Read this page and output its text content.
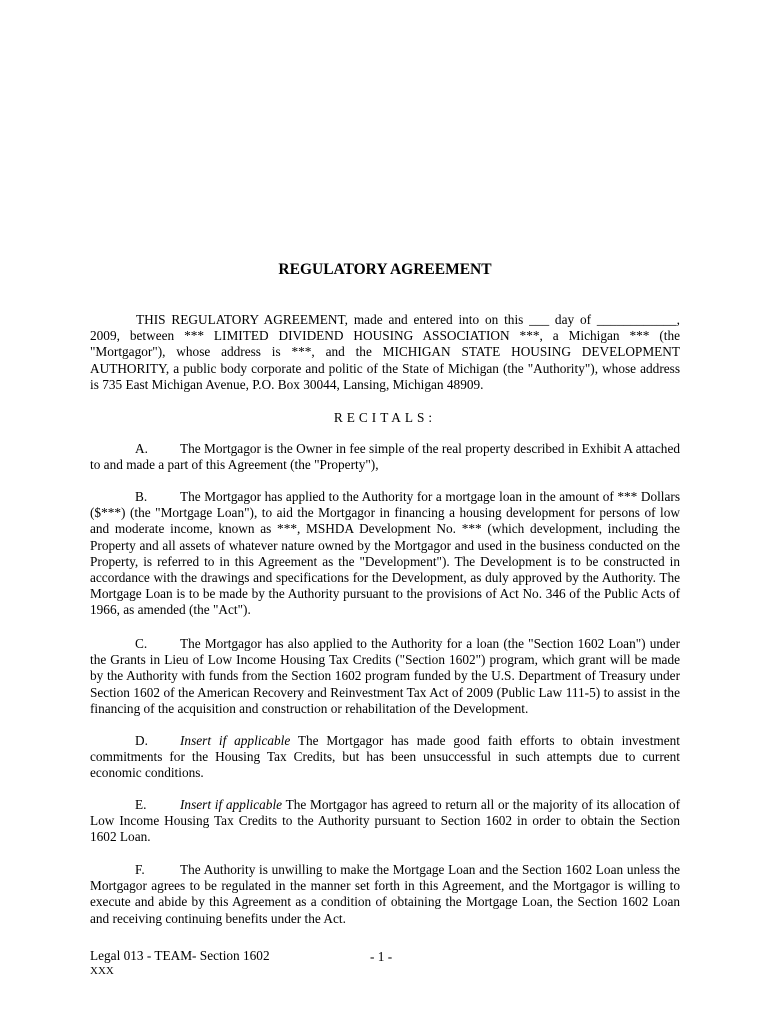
REGULATORY AGREEMENT
THIS REGULATORY AGREEMENT, made and entered into on this ___ day of ____________, 2009, between *** LIMITED DIVIDEND HOUSING ASSOCIATION ***, a Michigan *** (the "Mortgagor"), whose address is ***, and the MICHIGAN STATE HOUSING DEVELOPMENT AUTHORITY, a public body corporate and politic of the State of Michigan (the "Authority"), whose address is 735 East Michigan Avenue, P.O. Box 30044, Lansing, Michigan 48909.
RECITALS:
A. The Mortgagor is the Owner in fee simple of the real property described in Exhibit A attached to and made a part of this Agreement (the "Property"),
B. The Mortgagor has applied to the Authority for a mortgage loan in the amount of *** Dollars ($***) (the "Mortgage Loan"), to aid the Mortgagor in financing a housing development for persons of low and moderate income, known as ***, MSHDA Development No. *** (which development, including the Property and all assets of whatever nature owned by the Mortgagor and used in the business conducted on the Property, is referred to in this Agreement as the "Development"). The Development is to be constructed in accordance with the drawings and specifications for the Development, as duly approved by the Authority. The Mortgage Loan is to be made by the Authority pursuant to the provisions of Act No. 346 of the Public Acts of 1966, as amended (the "Act").
C. The Mortgagor has also applied to the Authority for a loan (the "Section 1602 Loan") under the Grants in Lieu of Low Income Housing Tax Credits ("Section 1602") program, which grant will be made by the Authority with funds from the Section 1602 program funded by the U.S. Department of Treasury under Section 1602 of the American Recovery and Reinvestment Tax Act of 2009 (Public Law 111-5) to assist in the financing of the acquisition and construction or rehabilitation of the Development.
D. Insert if applicable The Mortgagor has made good faith efforts to obtain investment commitments for the Housing Tax Credits, but has been unsuccessful in such attempts due to current economic conditions.
E.	Insert if applicable The Mortgagor has agreed to return all or the majority of its allocation of Low Income Housing Tax Credits to the Authority pursuant to Section 1602 in order to obtain the Section 1602 Loan.
F.	The Authority is unwilling to make the Mortgage Loan and the Section 1602 Loan unless the Mortgagor agrees to be regulated in the manner set forth in this Agreement, and the Mortgagor is willing to execute and abide by this Agreement as a condition of obtaining the Mortgage Loan, the Section 1602 Loan and receiving continuing benefits under the Act.
Legal 013 - TEAM- Section 1602
XXX
- 1 -
